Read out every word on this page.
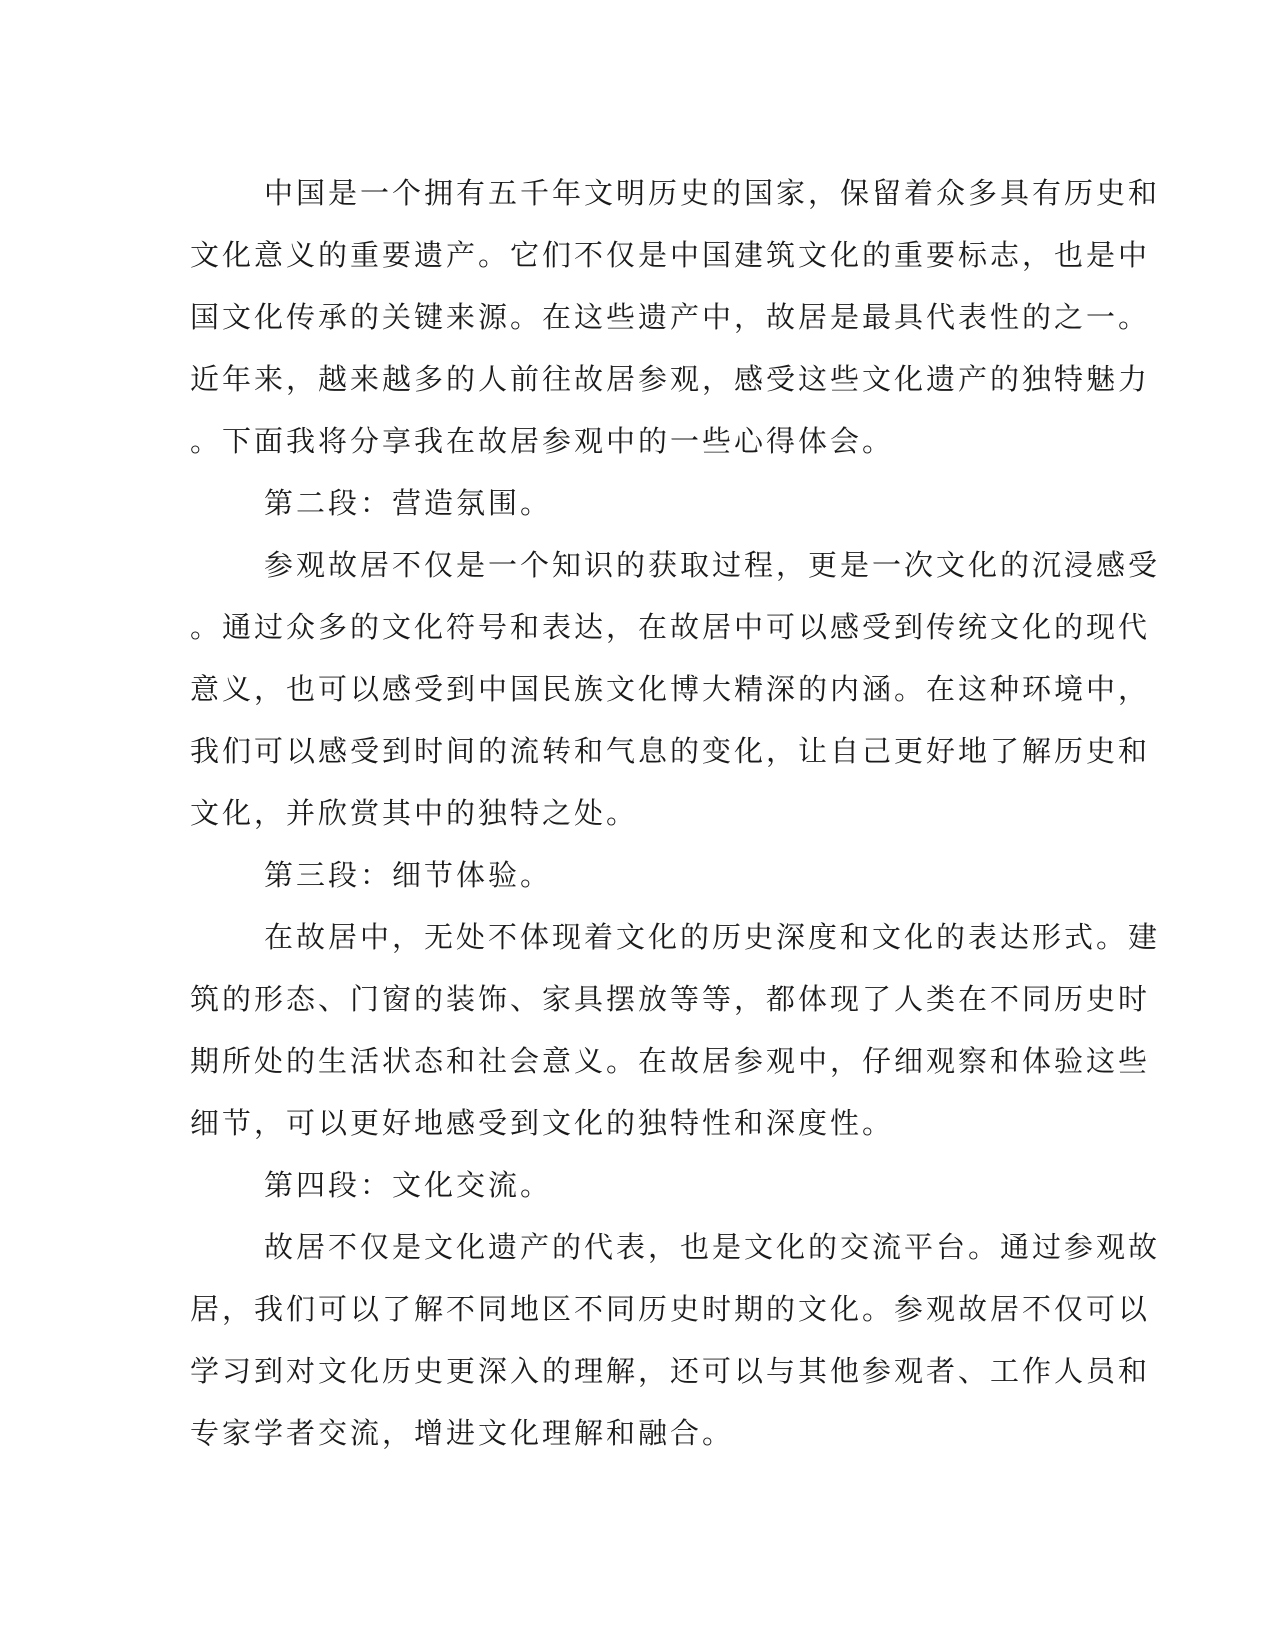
中国是一个拥有五千年文明历史的国家，保留着众多具有历史和
文化意义的重要遗产。它们不仅是中国建筑文化的重要标志，也是中
国文化传承的关键来源。在这些遗产中，故居是最具代表性的之一。
近年来，越来越多的人前往故居参观，感受这些文化遗产的独特魅力
。下面我将分享我在故居参观中的一些心得体会。
第二段：营造氛围。
参观故居不仅是一个知识的获取过程，更是一次文化的沉浸感受
。通过众多的文化符号和表达，在故居中可以感受到传统文化的现代
意义，也可以感受到中国民族文化博大精深的内涵。在这种环境中，
我们可以感受到时间的流转和气息的变化，让自己更好地了解历史和
文化，并欣赏其中的独特之处。
第三段：细节体验。
在故居中，无处不体现着文化的历史深度和文化的表达形式。建
筑的形态、门窗的装饰、家具摆放等等，都体现了人类在不同历史时
期所处的生活状态和社会意义。在故居参观中，仔细观察和体验这些
细节，可以更好地感受到文化的独特性和深度性。
第四段：文化交流。
故居不仅是文化遗产的代表，也是文化的交流平台。通过参观故
居，我们可以了解不同地区不同历史时期的文化。参观故居不仅可以
学习到对文化历史更深入的理解，还可以与其他参观者、工作人员和
专家学者交流，增进文化理解和融合。
